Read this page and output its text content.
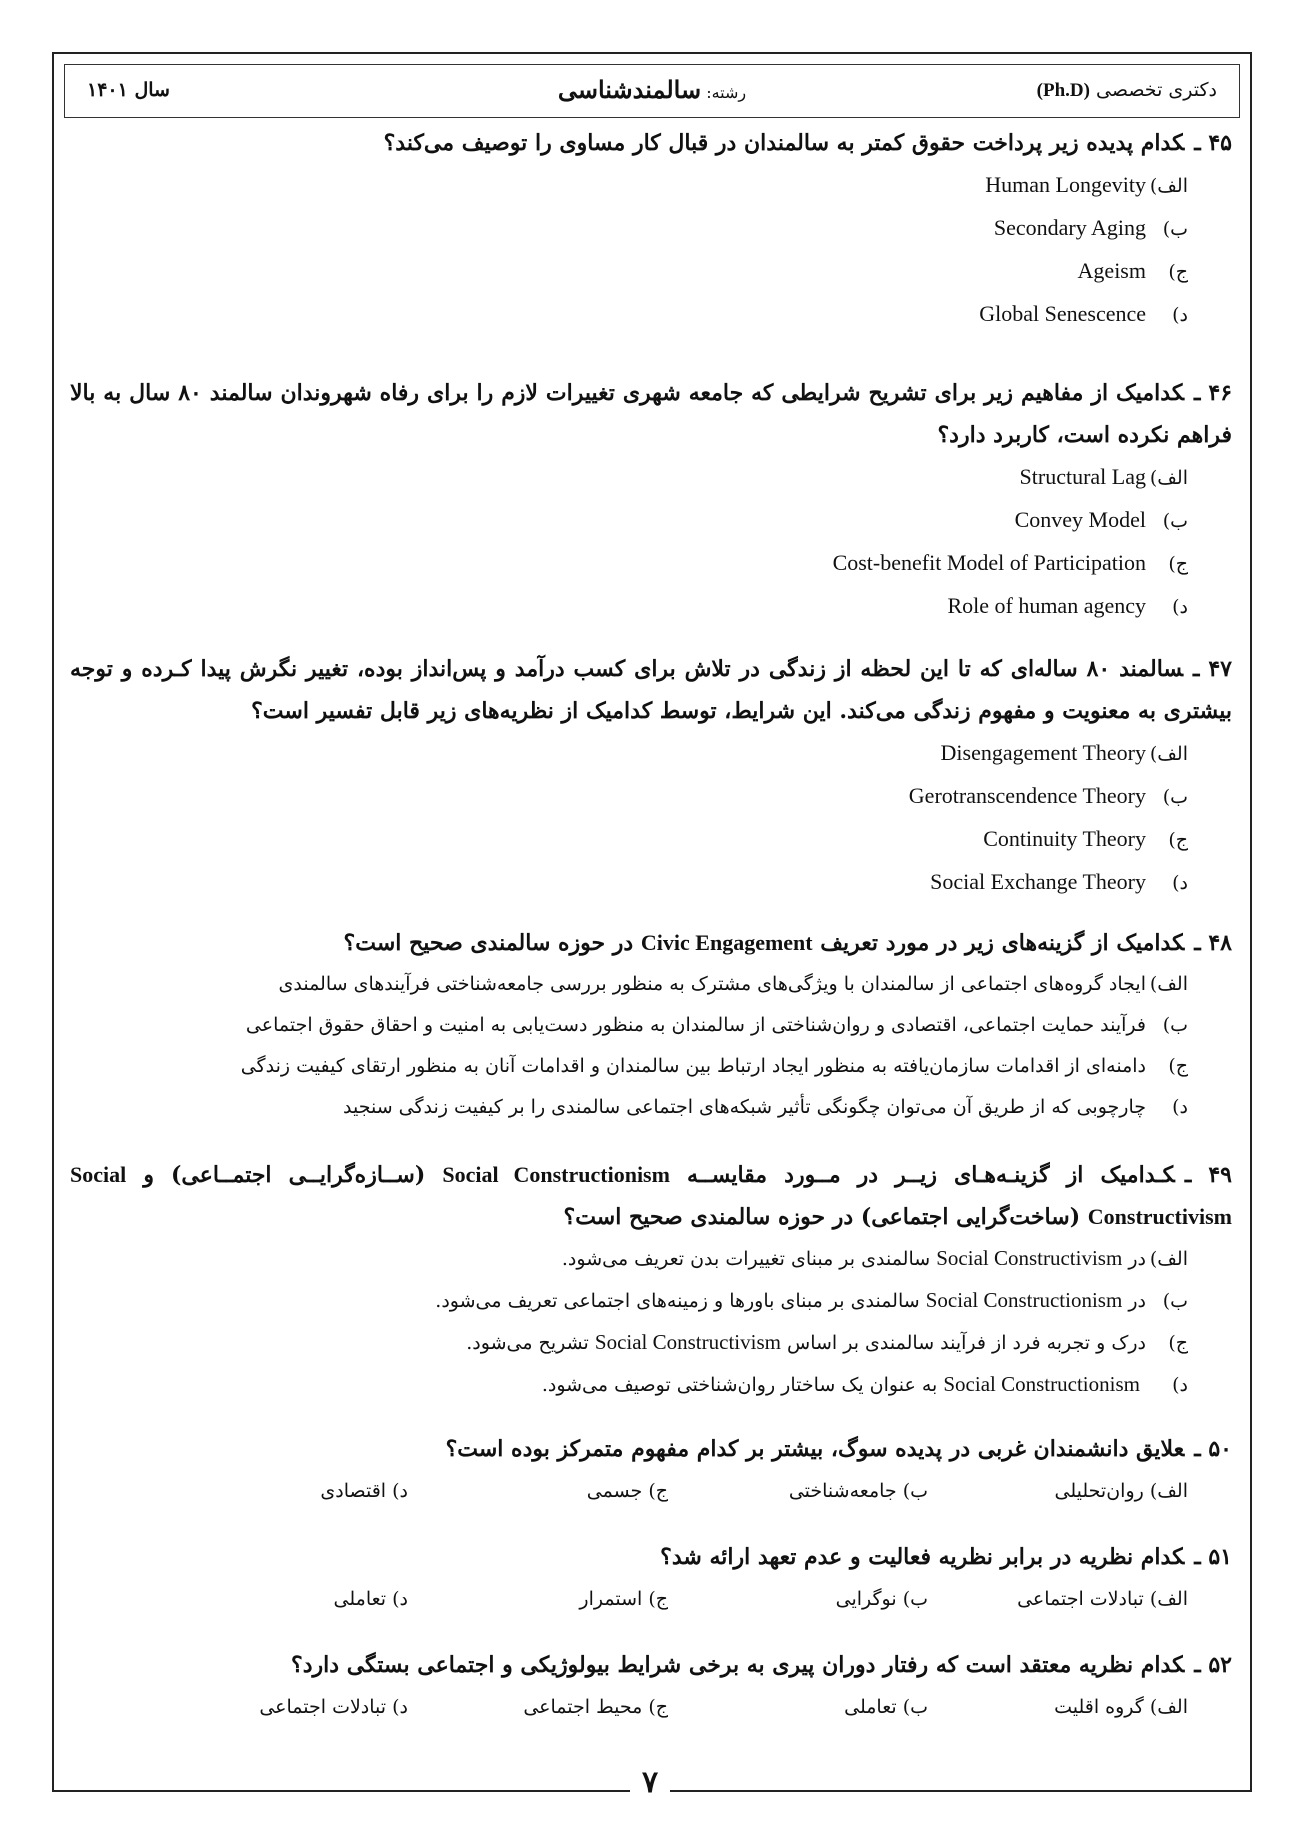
سال ۱۴۰۱	رشته: سالمندشناسی	دکتری تخصصی (Ph.D)
۴۵ ـکدام پدیده زیر پرداخت حقوق کمتر به سالمندان در قبال کار مساوی را توصیف می‌کند؟
الف)Human Longevity
ب)Secondary Aging
ج)Ageism
د)Global Senescence
۴۶ ـکدامیک از مفاهیم زیر برای تشریح شرایطی که جامعه شهری تغییرات لازم را برای رفاه شهروندان سالمند ۸۰ سال به بالا فراهم نکرده است، کاربرد دارد؟
الف)Structural Lag
ب)Convey Model
ج)Cost-benefit Model of Participation
د)Role of human agency
۴۷ ـسالمند ۸۰ ساله‌ای که تا این لحظه از زندگی در تلاش برای کسب درآمد و پس‌انداز بوده، تغییر نگرش پیدا کـرده و توجه بیشتری به معنویت و مفهوم زندگی می‌کند. این شرایط، توسط کدامیک از نظریه‌های زیر قابل تفسیر است؟
الف)Disengagement Theory
ب)Gerotranscendence Theory
ج)Continuity Theory
د)Social Exchange Theory
۴۸ ـکدامیک از گزینه‌های زیر در مورد تعریف Civic Engagement در حوزه سالمندی صحیح است؟
الف)ایجاد گروه‌های اجتماعی از سالمندان با ویژگی‌های مشترک به منظور بررسی جامعه‌شناختی فرآیندهای سالمندی
ب)فرآیند حمایت اجتماعی، اقتصادی و روان‌شناختی از سالمندان به منظور دست‌یابی به امنیت و احقاق حقوق اجتماعی
ج)دامنه‌ای از اقدامات سازمان‌یافته به منظور ایجاد ارتباط بین سالمندان و اقدامات آنان به منظور ارتقای کیفیت زندگی
د)چارچوبی که از طریق آن می‌توان چگونگی تأثیر شبکه‌های اجتماعی سالمندی را بر کیفیت زندگی سنجید
۴۹ ـکـدامیک از گزینـه‌هـای زیــر در مــورد مقایســه Social Constructionism (ســازه‌گرایــی اجتمــاعی) و Social Constructivism (ساخت‌گرایی اجتماعی) در حوزه سالمندی صحیح است؟
الف)در Social Constructivism سالمندی بر مبنای تغییرات بدن تعریف می‌شود.
ب)در Social Constructionism سالمندی بر مبنای باورها و زمینه‌های اجتماعی تعریف می‌شود.
ج)درک و تجربه فرد از فرآیند سالمندی بر اساس Social Constructivism تشریح می‌شود.
د) Social Constructionism به عنوان یک ساختار روان‌شناختی توصیف می‌شود.
۵۰ ـعلایق دانشمندان غربی در پدیده سوگ، بیشتر بر کدام مفهوم متمرکز بوده است؟
الف) روان‌تحلیلی
ب) جامعه‌شناختی
ج) جسمی
د) اقتصادی
۵۱ ـکدام نظریه در برابر نظریه فعالیت و عدم تعهد ارائه شد؟
الف) تبادلات اجتماعی
ب) نوگرایی
ج) استمرار
د) تعاملی
۵۲ ـکدام نظریه معتقد است که رفتار دوران پیری به برخی شرایط بیولوژیکی و اجتماعی بستگی دارد؟
الف) گروه اقلیت
ب) تعاملی
ج) محیط اجتماعی
د) تبادلات اجتماعی
۷
